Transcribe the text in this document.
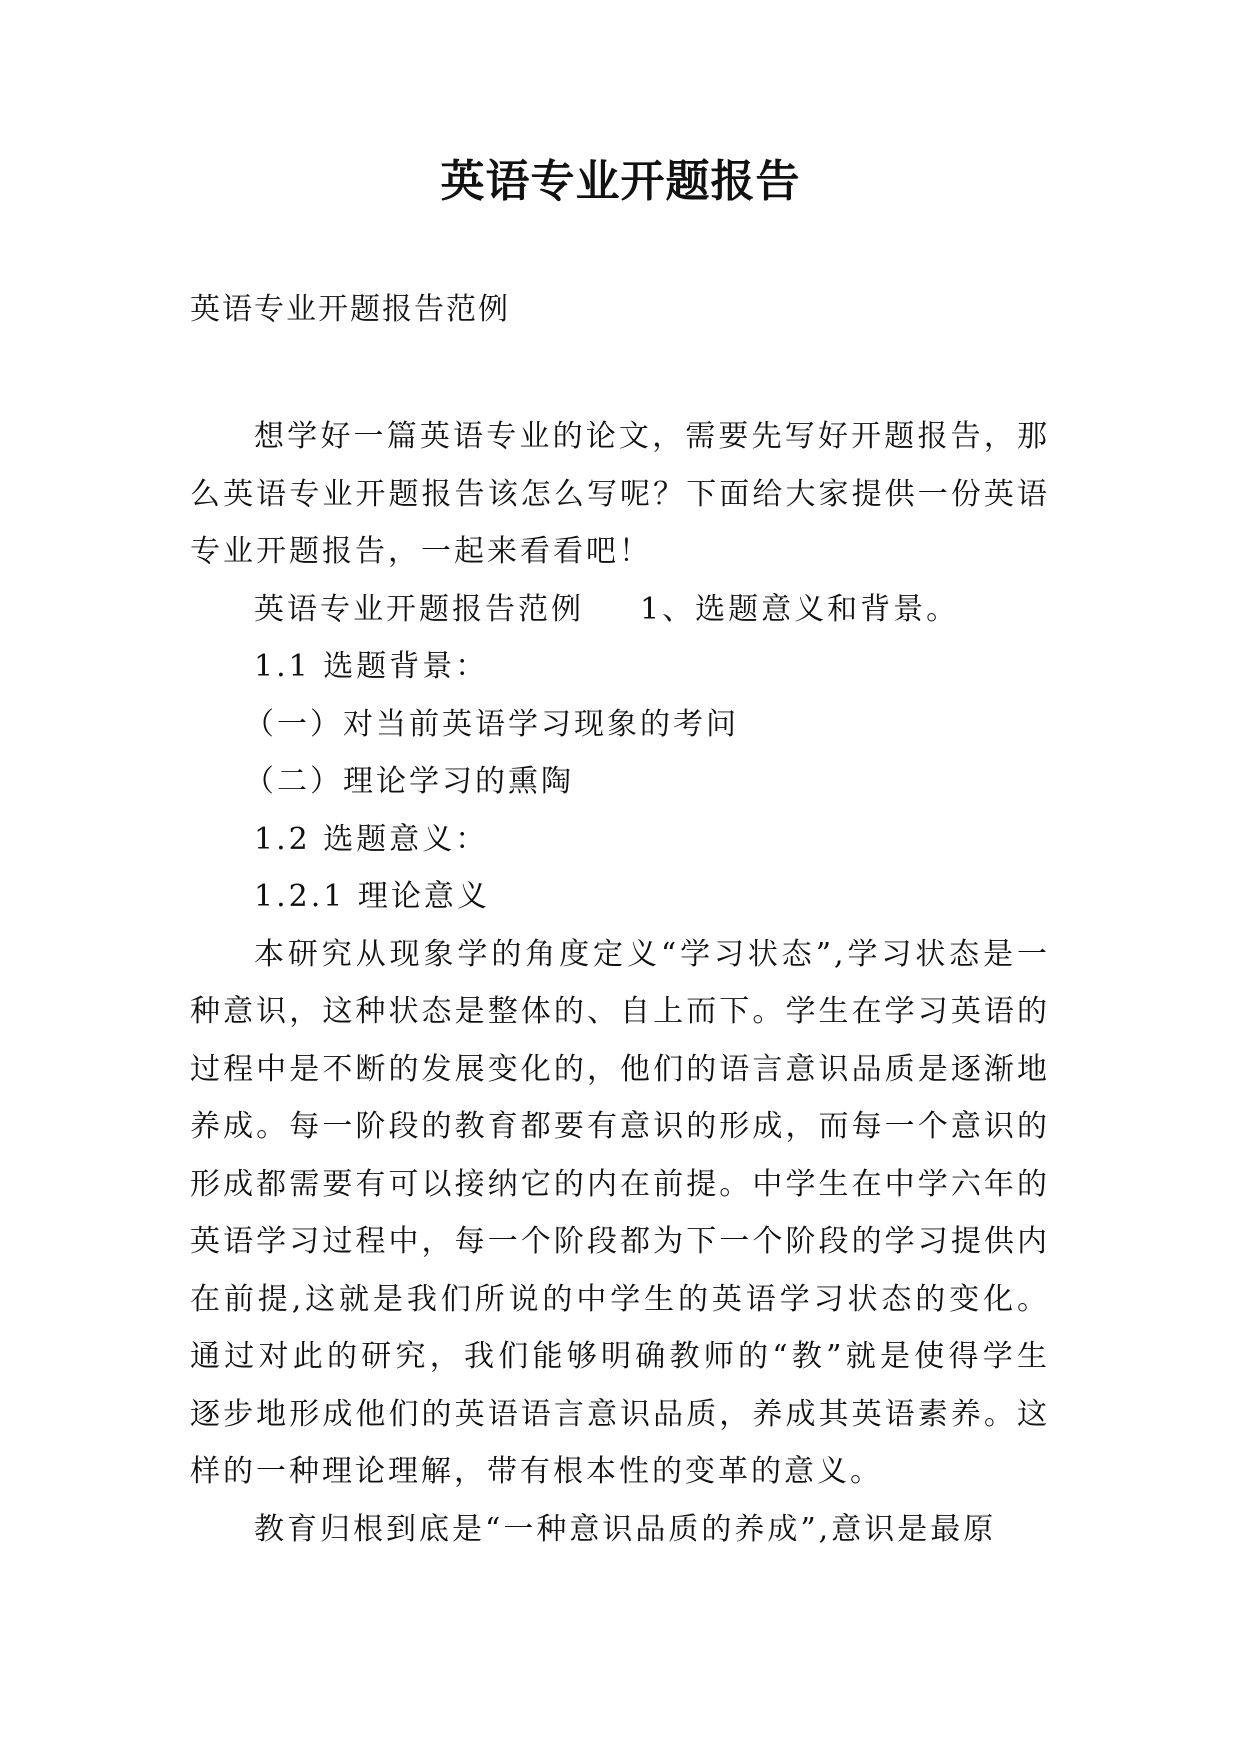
英语专业开题报告
英语专业开题报告范例

想学好一篇英语专业的论文，需要先写好开题报告，那么英语专业开题报告该怎么写呢？下面给大家提供一份英语专业开题报告，一起来看看吧！

英语专业开题报告范例 1、选题意义和背景。

1.1 选题背景：

（一）对当前英语学习现象的考问

（二）理论学习的熏陶

1.2 选题意义：

1.2.1 理论意义

本研究从现象学的角度定义“学习状态”,学习状态是一种意识，这种状态是整体的、自上而下。学生在学习英语的过程中是不断的发展变化的，他们的语言意识品质是逐渐地养成。每一阶段的教育都要有意识的形成，而每一个意识的形成都需要有可以接纳它的内在前提。中学生在中学六年的英语学习过程中，每一个阶段都为下一个阶段的学习提供内在前提,这就是我们所说的中学生的英语学习状态的变化。通过对此的研究，我们能够明确教师的“教”就是使得学生逐步地形成他们的英语语言意识品质，养成其英语素养。这样的一种理论理解，带有根本性的变革的意义。

教育归根到底是“一种意识品质的养成”,意识是最原
